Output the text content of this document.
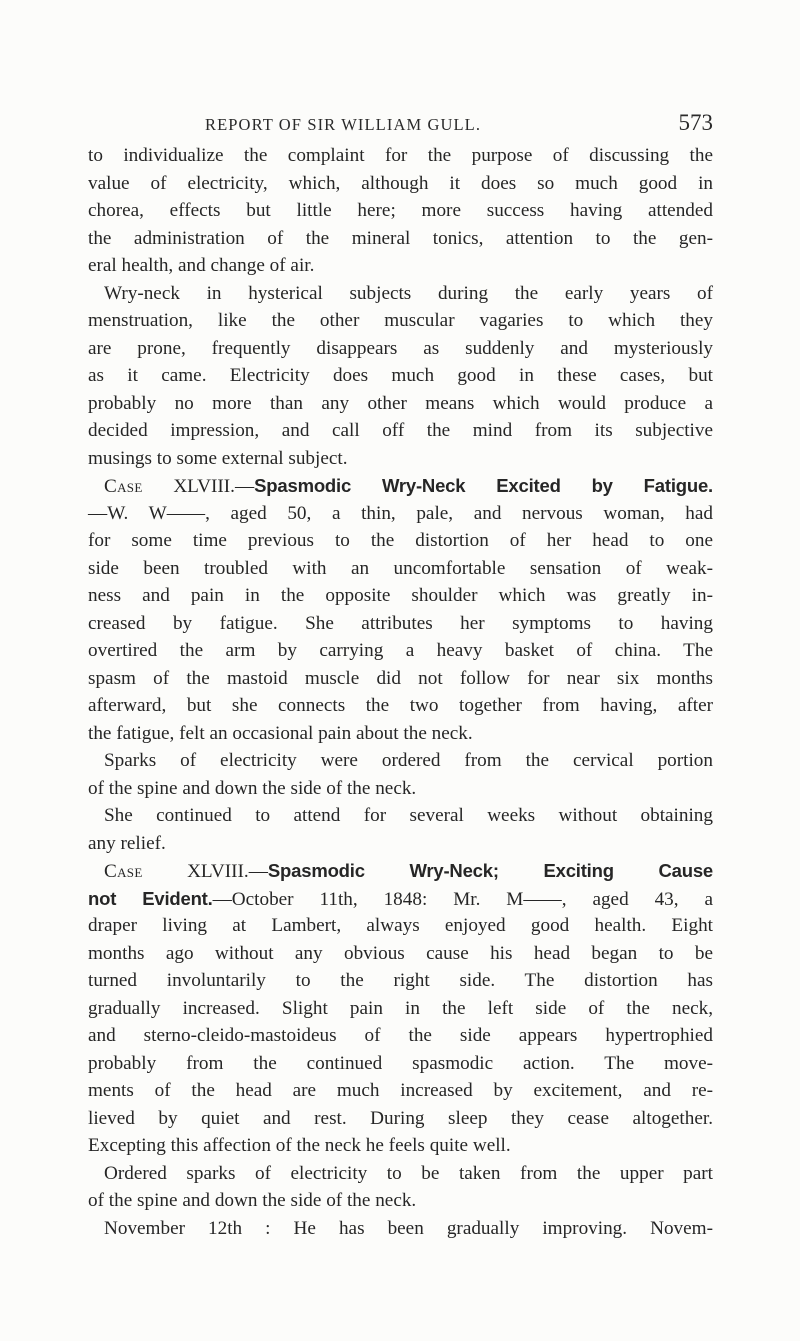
REPORT OF SIR WILLIAM GULL.	573
to individualize the complaint for the purpose of discussing the
value of electricity, which, although it does so much good in
chorea, effects but little here; more success having attended
the administration of the mineral tonics, attention to the gen-
eral health, and change of air.
Wry-neck in hysterical subjects during the early years of
menstruation, like the other muscular vagaries to which they
are prone, frequently disappears as suddenly and mysteriously
as it came. Electricity does much good in these cases, but
probably no more than any other means which would produce a
decided impression, and call off the mind from its subjective
musings to some external subject.
Case XLVIII.—Spasmodic Wry-Neck Excited by Fatigue.
—W. W——, aged 50, a thin, pale, and nervous woman, had
for some time previous to the distortion of her head to one
side been troubled with an uncomfortable sensation of weak-
ness and pain in the opposite shoulder which was greatly in-
creased by fatigue. She attributes her symptoms to having
overtired the arm by carrying a heavy basket of china. The
spasm of the mastoid muscle did not follow for near six months
afterward, but she connects the two together from having, after
the fatigue, felt an occasional pain about the neck.
Sparks of electricity were ordered from the cervical portion
of the spine and down the side of the neck.
She continued to attend for several weeks without obtaining
any relief.
Case XLVIII.—Spasmodic Wry-Neck; Exciting Cause
not Evident.—October 11th, 1848: Mr. M——, aged 43, a
draper living at Lambert, always enjoyed good health. Eight
months ago without any obvious cause his head began to be
turned involuntarily to the right side. The distortion has
gradually increased. Slight pain in the left side of the neck,
and sterno-cleido-mastoideus of the side appears hypertrophied
probably from the continued spasmodic action. The move-
ments of the head are much increased by excitement, and re-
lieved by quiet and rest. During sleep they cease altogether.
Excepting this affection of the neck he feels quite well.
Ordered sparks of electricity to be taken from the upper part
of the spine and down the side of the neck.
November 12th : He has been gradually improving. Novem-
